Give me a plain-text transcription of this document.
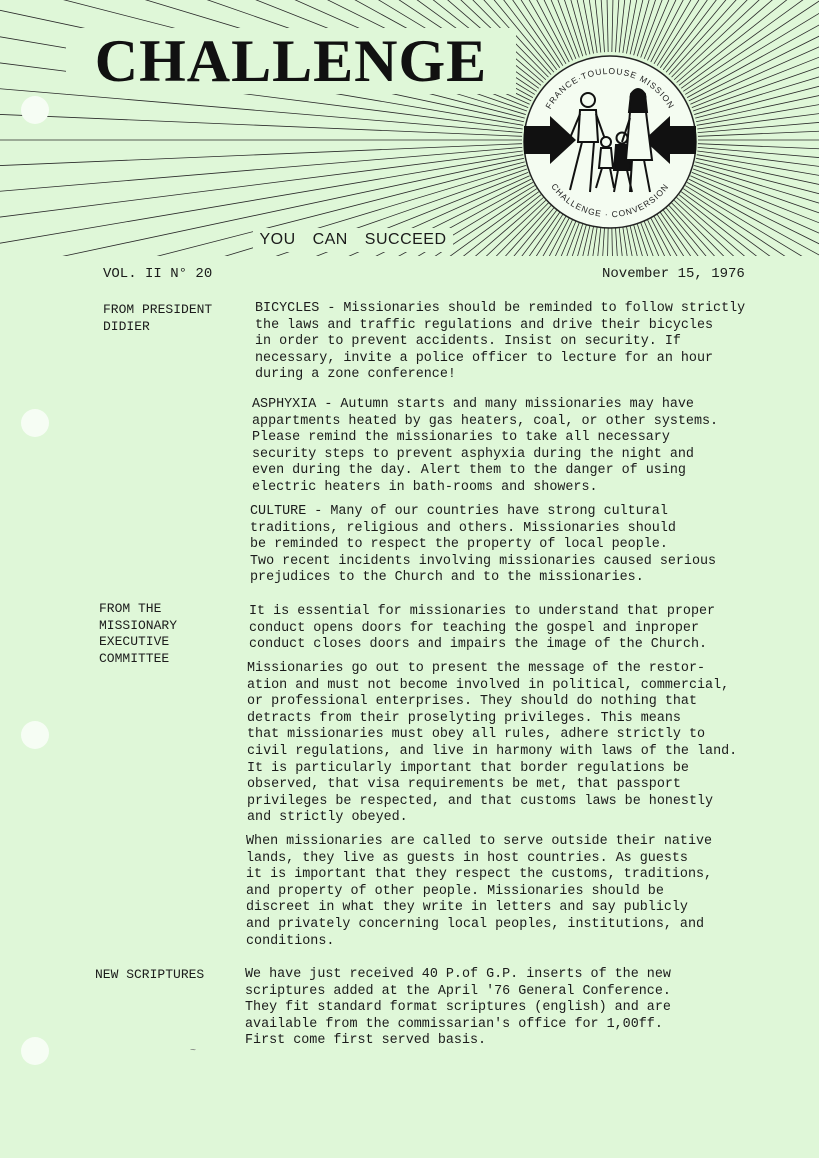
FRANCE·TOULOUSE MISSION
CHALLENGE · CONVERSION
CHALLENGE
YOU CAN SUCCEED
VOL. II N° 20	November 15, 1976
FROM PRESIDENT
DIDIER

BICYCLES - Missionaries should be reminded to follow strictly
the laws and traffic regulations and drive their bicycles
in order to prevent accidents. Insist on security. If
necessary, invite a police officer to lecture for an hour
during a zone conference!

ASPHYXIA - Autumn starts and many missionaries may have
appartments heated by gas heaters, coal, or other systems.
Please remind the missionaries to take all necessary
security steps to prevent asphyxia during the night and
even during the day. Alert them to the danger of using
electric heaters in bath-rooms and showers.

CULTURE - Many of our countries have strong cultural
traditions, religious and others. Missionaries should
be reminded to respect the property of local people.
Two recent incidents involving missionaries caused serious
prejudices to the Church and to the missionaries.

FROM THE
MISSIONARY
EXECUTIVE
COMMITTEE

It is essential for missionaries to understand that proper
conduct opens doors for teaching the gospel and inproper
conduct closes doors and impairs the image of the Church.

Missionaries go out to present the message of the restor-
ation and must not become involved in political, commercial,
or professional enterprises. They should do nothing that
detracts from their proselyting privileges. This means
that missionaries must obey all rules, adhere strictly to
civil regulations, and live in harmony with laws of the land.
It is particularly important that border regulations be
observed, that visa requirements be met, that passport
privileges be respected, and that customs laws be honestly
and strictly obeyed.

When missionaries are called to serve outside their native
lands, they live as guests in host countries. As guests
it is important that they respect the customs, traditions,
and property of other people. Missionaries should be
discreet in what they write in letters and say publicly
and privately concerning local peoples, institutions, and
conditions.

NEW SCRIPTURES	We have just received 40 P.of G.P. inserts of the new
scriptures added at the April '76 General Conference.
They fit standard format scriptures (english) and are
available from the commissarian's office for 1,00ff.
First come first served basis.

~
